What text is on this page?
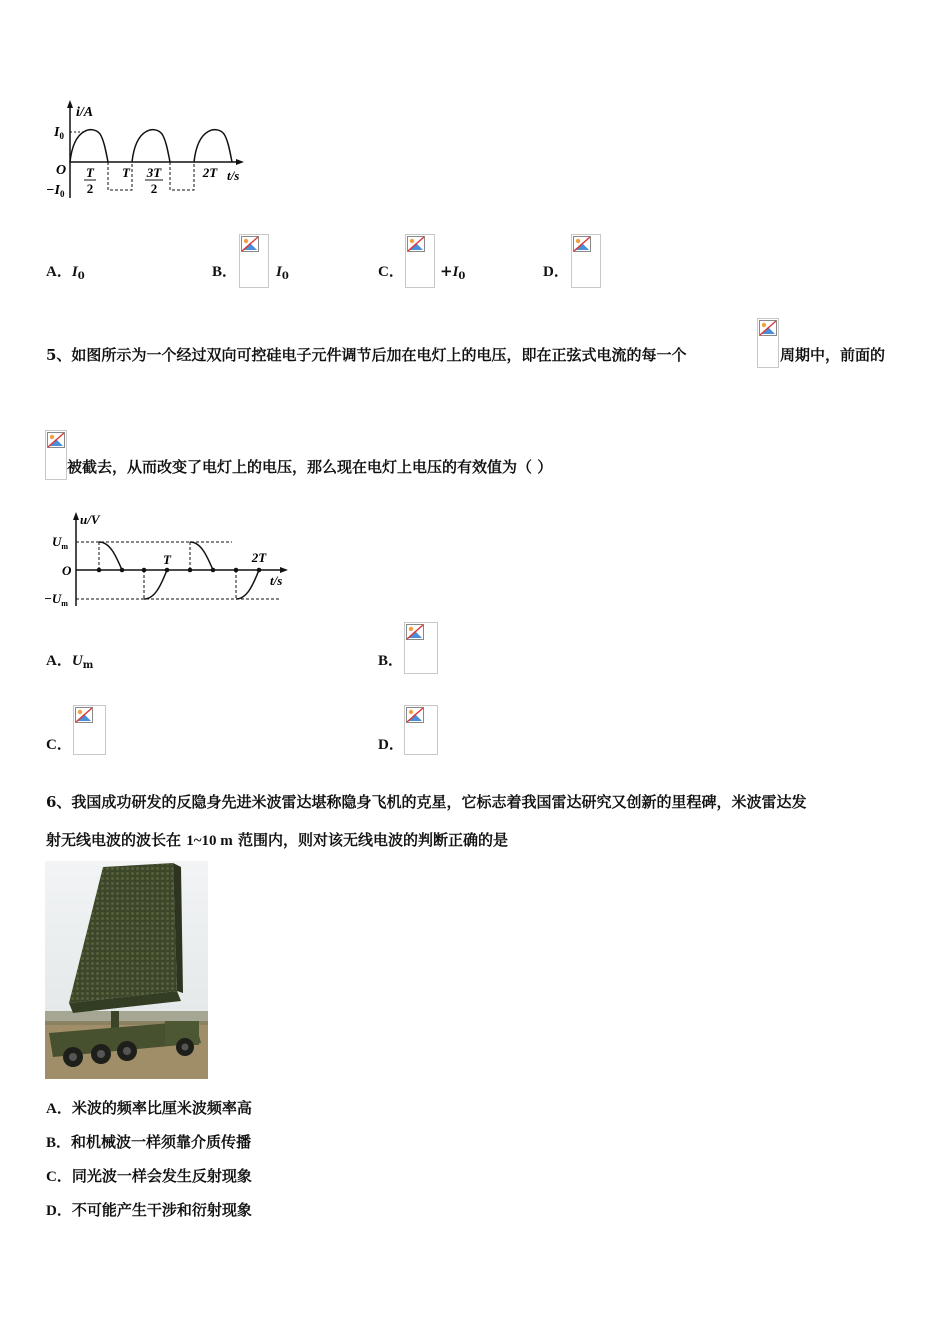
i/A
$I_0$
O
$-I_0$
T
2
T 3T
2
2T t/s
A．$I_0$	B．	$I_0$	C． $+I_0$	D．
5、如图所示为一个经过双向可控硅电子元件调节后加在电灯上的电压，即在正弦式电流的每一个	周期中，前面的
被截去，从而改变了电灯上的电压，那么现在电灯上电压的有效值为（ ）
u/V
$U_m$
O
$-U_m$
T	2T
t/s
A．$U_m$	B．
C．	D．
6、我国成功研发的反隐身先进米波雷达堪称隐身飞机的克星，它标志着我国雷达研究又创新的里程碑，米波雷达发
射无线电波的波长在 1~10 m 范围内，则对该无线电波的判断正确的是
A．米波的频率比厘米波频率高
B．和机械波一样须靠介质传播
C．同光波一样会发生反射现象
D．不可能产生干涉和衍射现象
